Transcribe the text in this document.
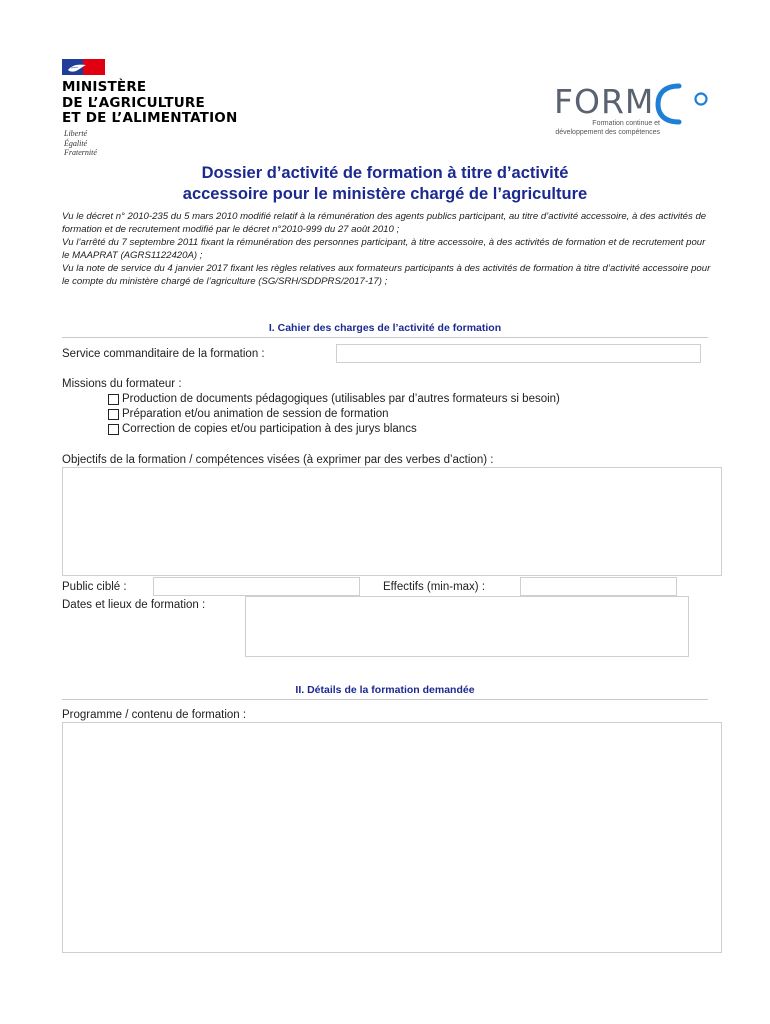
MINISTÈRE
DE L’AGRICULTURE
ET DE L’ALIMENTATION
Liberté
Égalité
Fraternité
FORM
Formation continue et
développement des compétences
Dossier d’activité de formation à titre d’activité
accessoire pour le ministère chargé de l’agriculture

Vu le décret n° 2010-235 du 5 mars 2010 modifié relatif à la rémunération des agents publics participant, au titre d’activité accessoire, à des activités de formation et de recrutement modifié par le décret n°2010-999 du 27 août 2010 ;

Vu l’arrêté du 7 septembre 2011 fixant la rémunération des personnes participant, à titre accessoire, à des activités de formation et de recrutement pour le MAAPRAT (AGRS1122420A) ;

Vu la note de service du 4 janvier 2017 fixant les règles relatives aux formateurs participants à des activités de formation à titre d’activité accessoire pour le compte du ministère chargé de l’agriculture (SG/SRH/SDDPRS/2017-17) ;

I. Cahier des charges de l’activité de formation
Service commanditaire de la formation :
Missions du formateur :
Production de documents pédagogiques (utilisables par d’autres formateurs si besoin)
Préparation et/ou animation de session de formation
Correction de copies et/ou participation à des jurys blancs
Objectifs de la formation / compétences visées (à exprimer par des verbes d’action) :
Public ciblé :	Effectifs (min-max) :
Dates et lieux de formation :
II. Détails de la formation demandée
Programme / contenu de formation :
